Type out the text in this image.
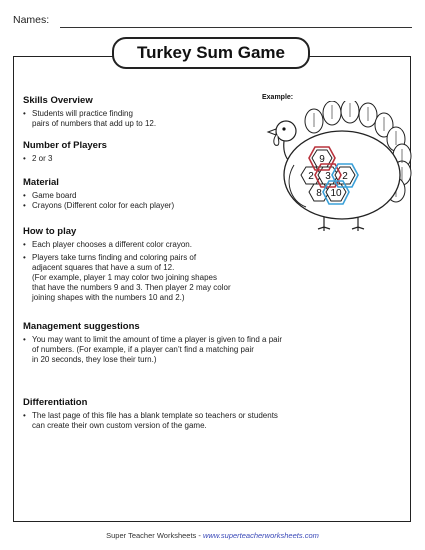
Names:
Turkey Sum Game
Example:
9
2 3 2
8 10
Skills Overview
• Students will practice finding
pairs of numbers that add up to 12.
Number of Players
• 2 or 3
Material
• Game board
• Crayons (Different color for each player)
How to play
• Each player chooses a different color crayon.
• Players take turns finding and coloring pairs of
adjacent squares that have a sum of 12.
(For example, player 1 may color two joining shapes
that have the numbers 9 and 3. Then player 2 may color
joining shapes with the numbers 10 and 2.)
Management suggestions
• You may want to limit the amount of time a player is given to find a pair
of numbers. (For example, if a player can’t find a matching pair
in 20 seconds, they lose their turn.)
Differentiation
• The last page of this file has a blank template so teachers or students
can create their own custom version of the game.
Super Teacher Worksheets - www.superteacherworksheets.com
